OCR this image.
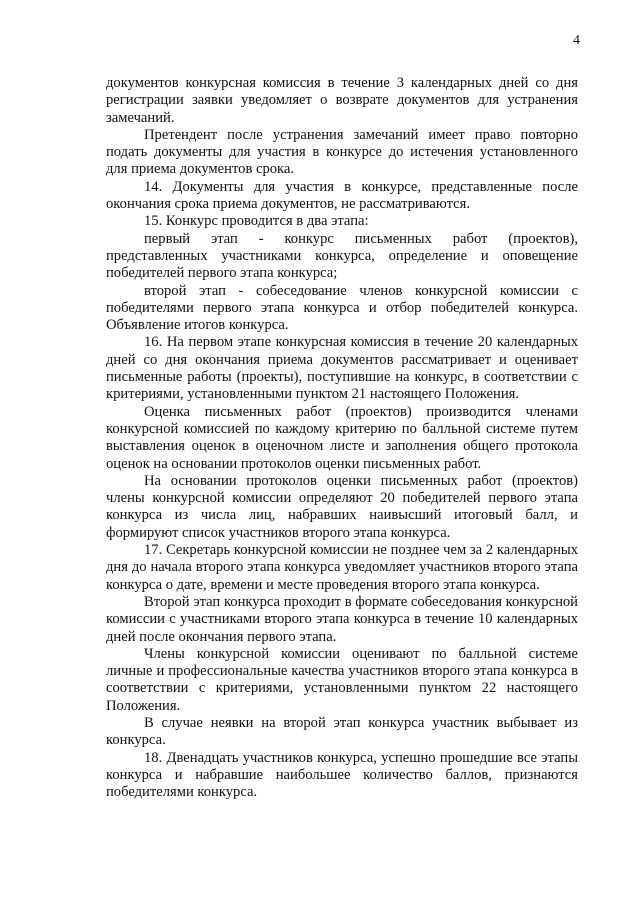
4

документов конкурсная комиссия в течение 3 календарных дней со дня регистрации заявки уведомляет о возврате документов для устранения замечаний.

Претендент после устранения замечаний имеет право повторно подать документы для участия в конкурсе до истечения установленного для приема документов срока.

14. Документы для участия в конкурсе, представленные после окончания срока приема документов, не рассматриваются.

15. Конкурс проводится в два этапа:

первый этап - конкурс письменных работ (проектов), представленных участниками конкурса, определение и оповещение победителей первого этапа конкурса;

второй этап - собеседование членов конкурсной комиссии с победителями первого этапа конкурса и отбор победителей конкурса. Объявление итогов конкурса.

16. На первом этапе конкурсная комиссия в течение 20 календарных дней со дня окончания приема документов рассматривает и оценивает письменные работы (проекты), поступившие на конкурс, в соответствии с критериями, установленными пунктом 21 настоящего Положения.

Оценка письменных работ (проектов) производится членами конкурсной комиссией по каждому критерию по балльной системе путем выставления оценок в оценочном листе и заполнения общего протокола оценок на основании протоколов оценки письменных работ.

На основании протоколов оценки письменных работ (проектов) члены конкурсной комиссии определяют 20 победителей первого этапа конкурса из числа лиц, набравших наивысший итоговый балл, и формируют список участников второго этапа конкурса.

17. Секретарь конкурсной комиссии не позднее чем за 2 календарных дня до начала второго этапа конкурса уведомляет участников второго этапа конкурса о дате, времени и месте проведения второго этапа конкурса.

Второй этап конкурса проходит в формате собеседования конкурсной комиссии с участниками второго этапа конкурса в течение 10 календарных дней после окончания первого этапа.

Члены конкурсной комиссии оценивают по балльной системе личные и профессиональные качества участников второго этапа конкурса в соответствии с критериями, установленными пунктом 22 настоящего Положения.

В случае неявки на второй этап конкурса участник выбывает из конкурса.

18. Двенадцать участников конкурса, успешно прошедшие все этапы конкурса и набравшие наибольшее количество баллов, признаются победителями конкурса.
